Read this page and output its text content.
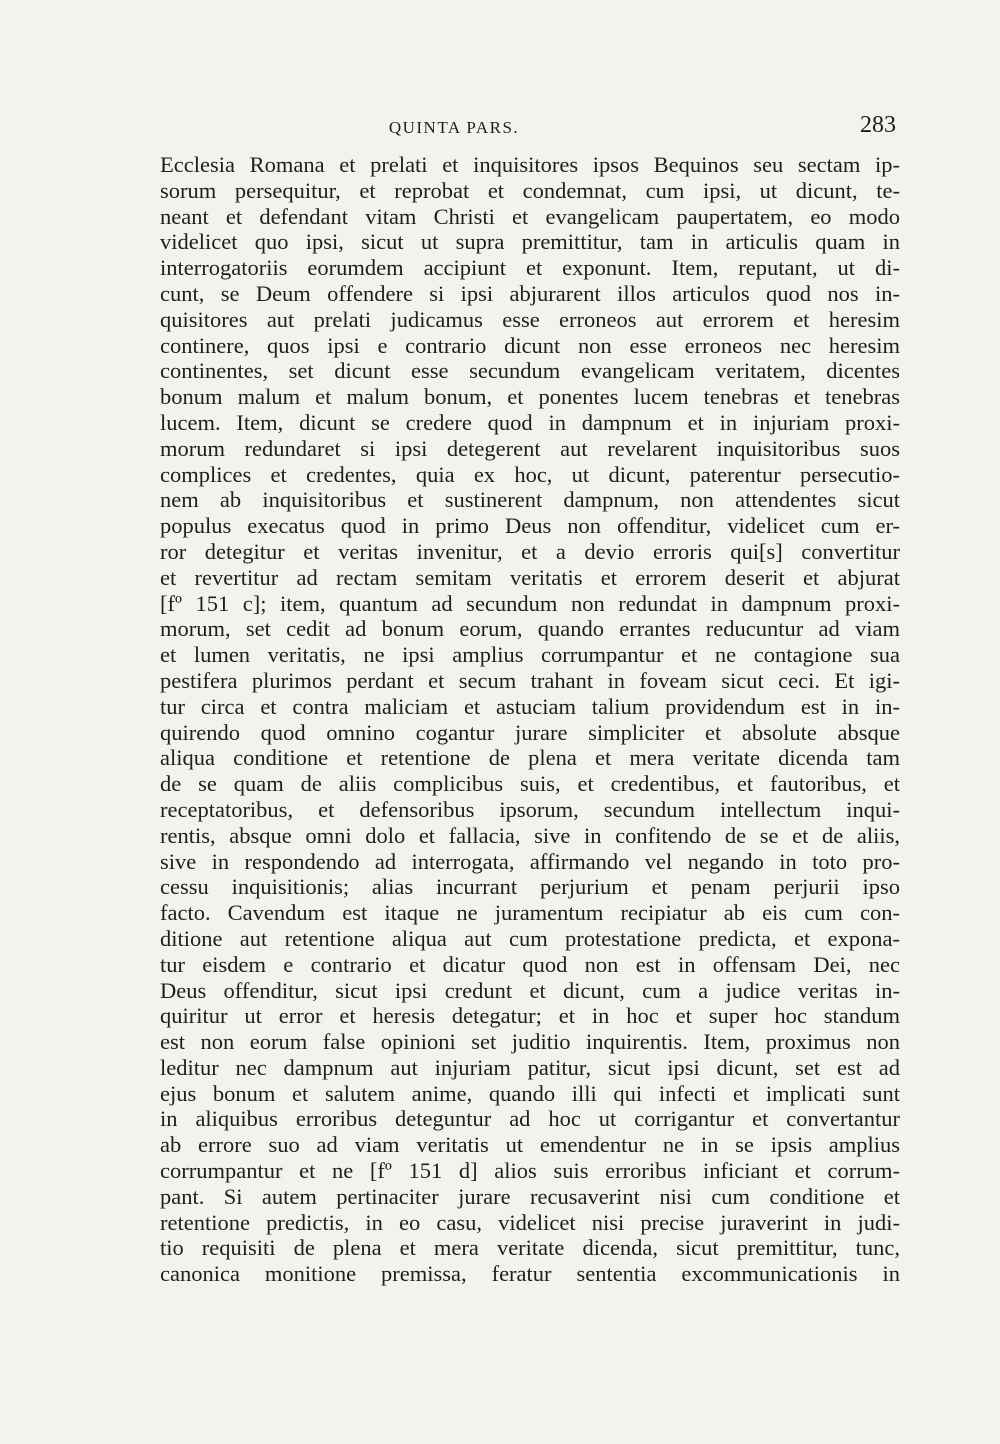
QUINTA PARS.	283
Ecclesia Romana et prelati et inquisitores ipsos Bequinos seu sectam ip-
sorum persequitur, et reprobat et condemnat, cum ipsi, ut dicunt, te-
neant et defendant vitam Christi et evangelicam paupertatem, eo modo
videlicet quo ipsi, sicut ut supra premittitur, tam in articulis quam in
interrogatoriis eorumdem accipiunt et exponunt. Item, reputant, ut di-
cunt, se Deum offendere si ipsi abjurarent illos articulos quod nos in-
quisitores aut prelati judicamus esse erroneos aut errorem et heresim
continere, quos ipsi e contrario dicunt non esse erroneos nec heresim
continentes, set dicunt esse secundum evangelicam veritatem, dicentes
bonum malum et malum bonum, et ponentes lucem tenebras et tenebras
lucem. Item, dicunt se credere quod in dampnum et in injuriam proxi-
morum redundaret si ipsi detegerent aut revelarent inquisitoribus suos
complices et credentes, quia ex hoc, ut dicunt, paterentur persecutio-
nem ab inquisitoribus et sustinerent dampnum, non attendentes sicut
populus execatus quod in primo Deus non offenditur, videlicet cum er-
ror detegitur et veritas invenitur, et a devio erroris qui[s] convertitur
et revertitur ad rectam semitam veritatis et errorem deserit et abjurat
[fº 151 c]; item, quantum ad secundum non redundat in dampnum proxi-
morum, set cedit ad bonum eorum, quando errantes reducuntur ad viam
et lumen veritatis, ne ipsi amplius corrumpantur et ne contagione sua
pestifera plurimos perdant et secum trahant in foveam sicut ceci. Et igi-
tur circa et contra maliciam et astuciam talium providendum est in in-
quirendo quod omnino cogantur jurare simpliciter et absolute absque
aliqua conditione et retentione de plena et mera veritate dicenda tam
de se quam de aliis complicibus suis, et credentibus, et fautoribus, et
receptatoribus, et defensoribus ipsorum, secundum intellectum inqui-
rentis, absque omni dolo et fallacia, sive in confitendo de se et de aliis,
sive in respondendo ad interrogata, affirmando vel negando in toto pro-
cessu inquisitionis; alias incurrant perjurium et penam perjurii ipso
facto. Cavendum est itaque ne juramentum recipiatur ab eis cum con-
ditione aut retentione aliqua aut cum protestatione predicta, et expona-
tur eisdem e contrario et dicatur quod non est in offensam Dei, nec
Deus offenditur, sicut ipsi credunt et dicunt, cum a judice veritas in-
quiritur ut error et heresis detegatur; et in hoc et super hoc standum
est non eorum false opinioni set juditio inquirentis. Item, proximus non
leditur nec dampnum aut injuriam patitur, sicut ipsi dicunt, set est ad
ejus bonum et salutem anime, quando illi qui infecti et implicati sunt
in aliquibus erroribus deteguntur ad hoc ut corrigantur et convertantur
ab errore suo ad viam veritatis ut emendentur ne in se ipsis amplius
corrumpantur et ne [fº 151 d] alios suis erroribus inficiant et corrum-
pant. Si autem pertinaciter jurare recusaverint nisi cum conditione et
retentione predictis, in eo casu, videlicet nisi precise juraverint in judi-
tio requisiti de plena et mera veritate dicenda, sicut premittitur, tunc,
canonica monitione premissa, feratur sententia excommunicationis in
